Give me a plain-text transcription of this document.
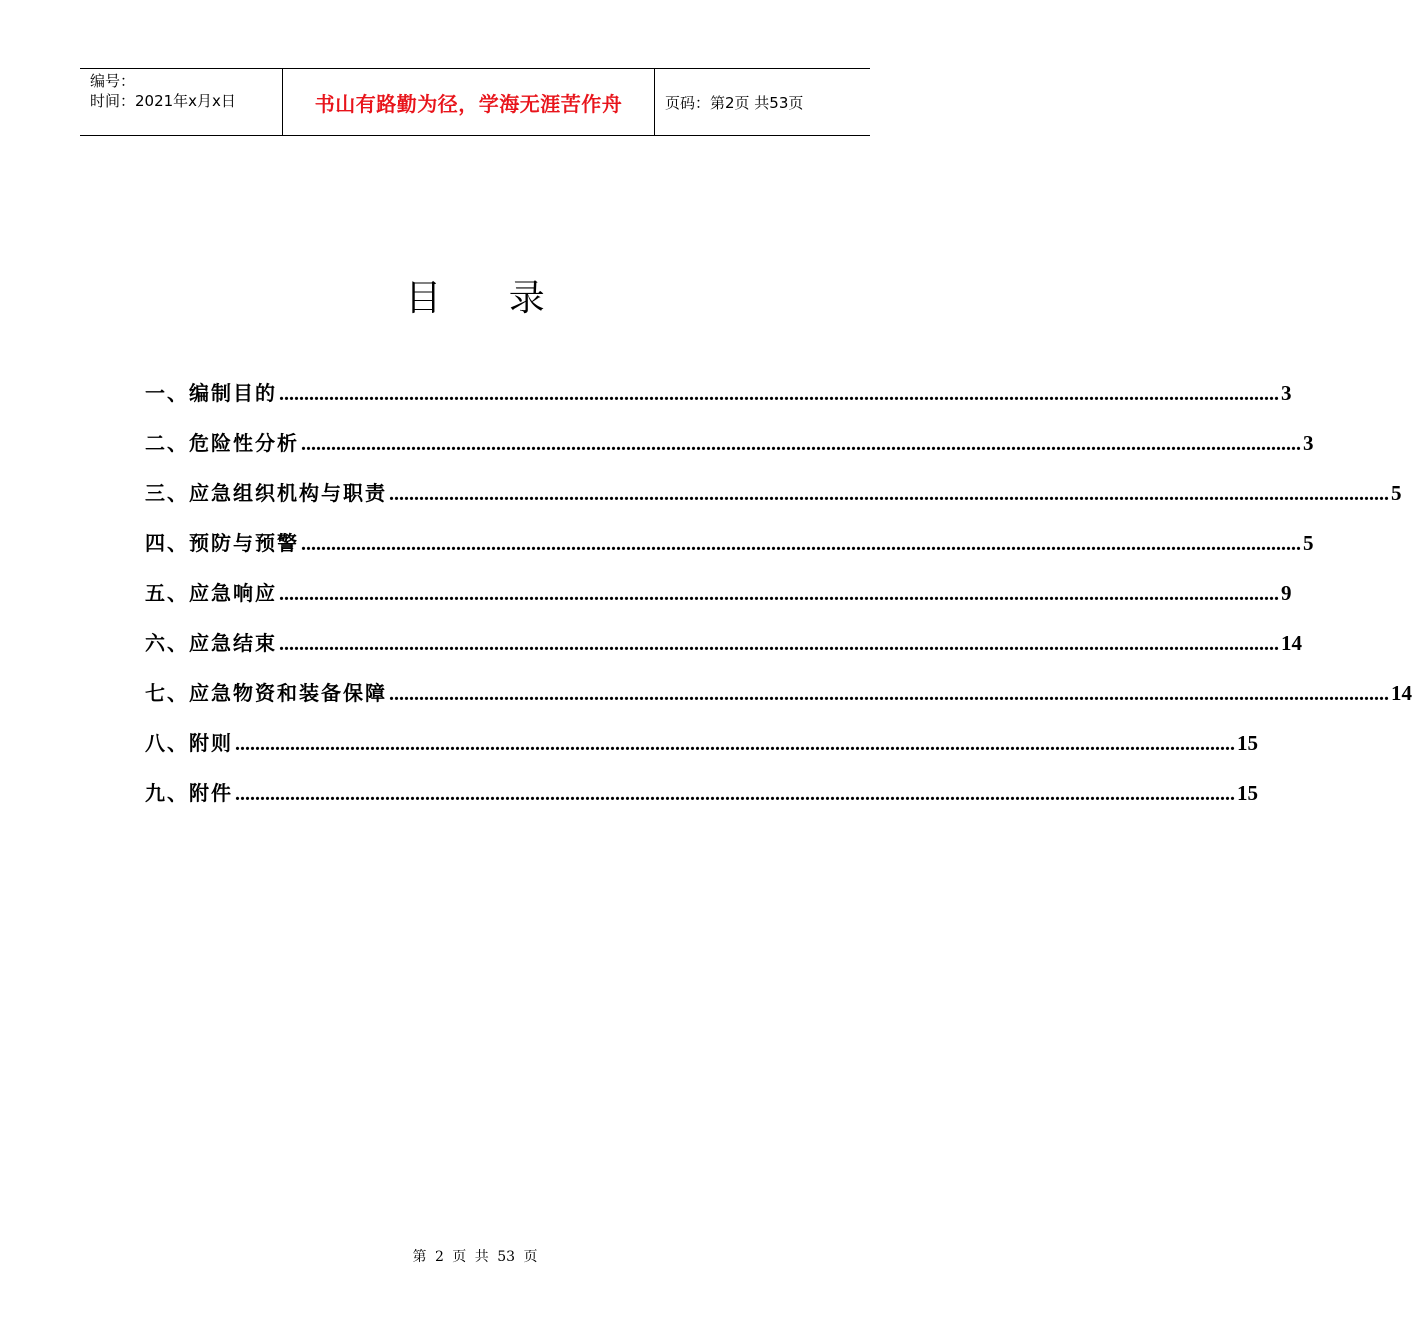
编号：
时间：2021年x月x日	书山有路勤为径，学海无涯苦作舟	页码：第2页 共53页
目 录
一、编制目的 ........................................................................................................................................................................................................ 3
二、危险性分析 ........................................................................................................................................................................................................ 3
三、应急组织机构与职责 ........................................................................................................................................................................................................ 5
四、预防与预警 ........................................................................................................................................................................................................ 5
五、应急响应 ........................................................................................................................................................................................................ 9
六、应急结束 ........................................................................................................................................................................................................ 14
七、应急物资和装备保障 ........................................................................................................................................................................................................ 14
八、附则 ........................................................................................................................................................................................................ 15
九、附件 ........................................................................................................................................................................................................ 15
第 2 页 共 53 页
